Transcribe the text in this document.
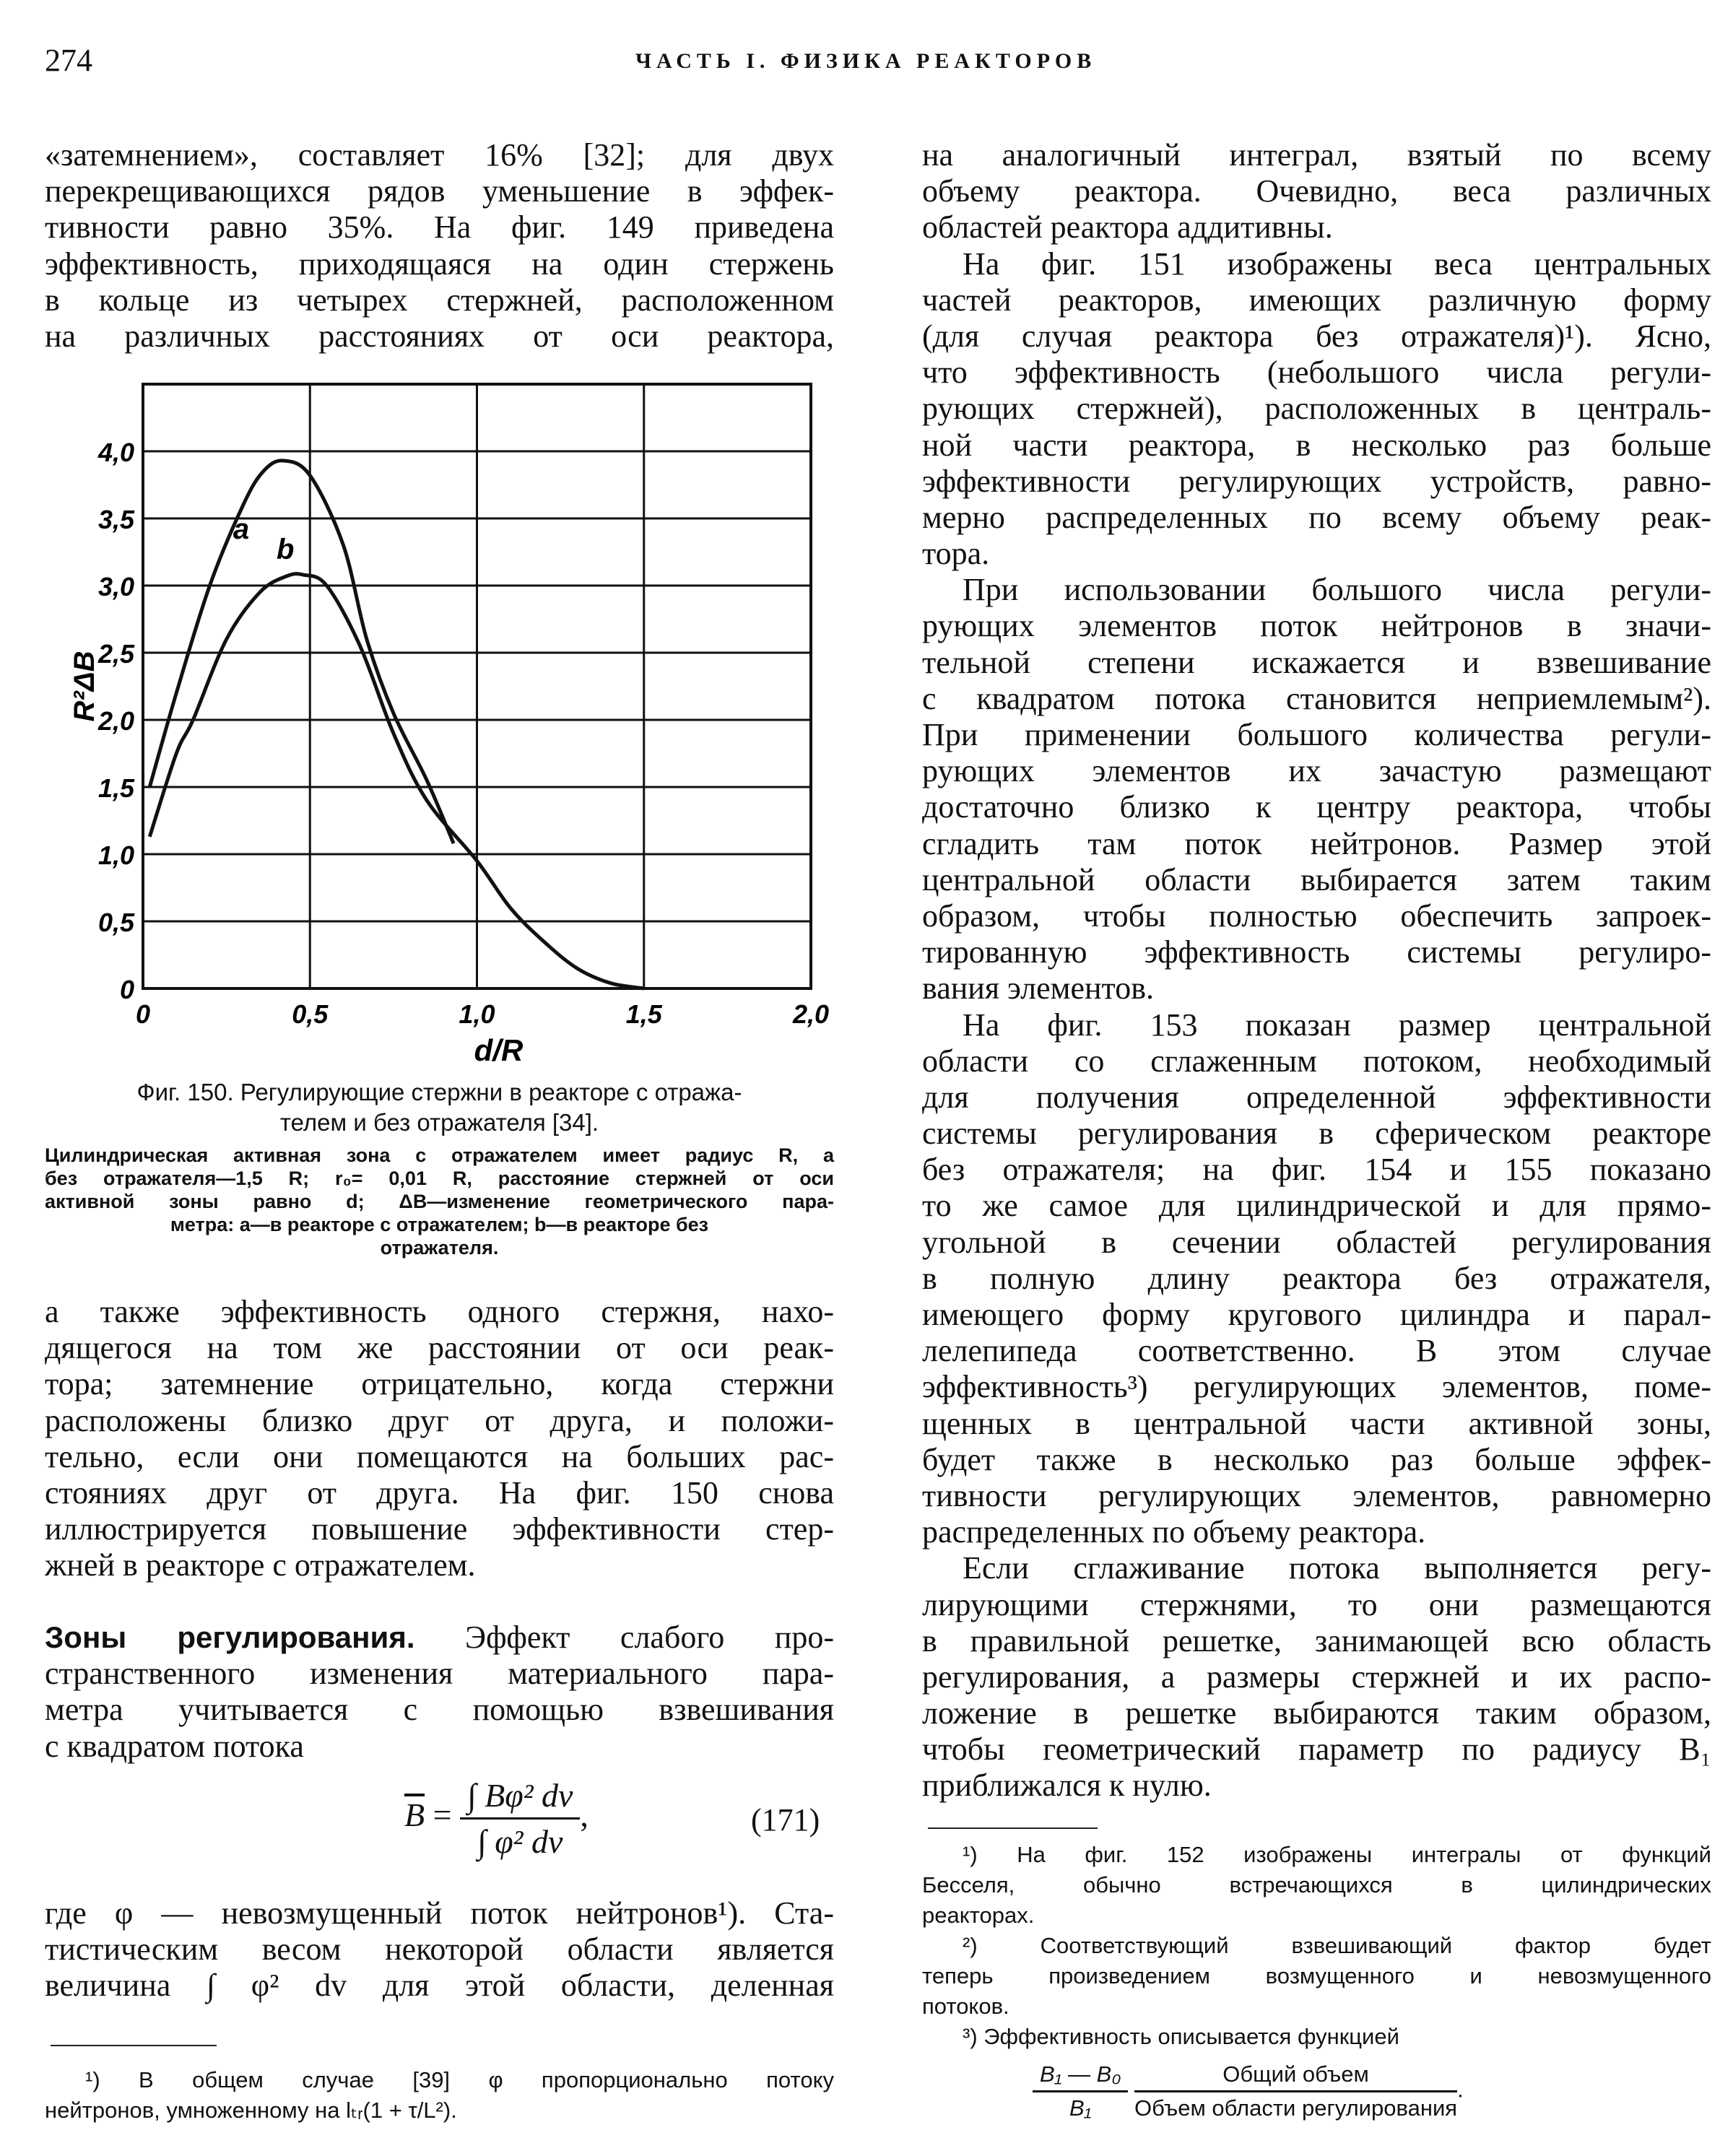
274	ЧАСТЬ I. ФИЗИКА РЕАКТОРОВ
«затемнением», составляет 16% [32]; для двух
перекрещивающихся рядов уменьшение в эффек-
тивности равно 35%. На фиг. 149 приведена
эффективность, приходящаяся на один стержень
в кольце из четырех стержней, расположенном
на различных расстояниях от оси реактора,
0	0,5	1,0	1,5	2,0
0
0,5
1,0
1,5
2,0
2,5
3,0
3,5
4,0
d/R
R²ΔB
a
b
Фиг. 150. Регулирующие стержни в реакторе с отража-
телем и без отражателя [34].
Цилиндрическая активная зона с отражателем имеет радиус R, а
без отражателя—1,5 R; r₀= 0,01 R, расстояние стержней от оси
активной зоны равно d; ΔB—изменение геометрического пара-
метра: a—в реакторе с отражателем; b—в реакторе без
отражателя.
а также эффективность одного стержня, нахо-
дящегося на том же расстоянии от оси реак-
тора; затемнение отрицательно, когда стержни
расположены близко друг от друга, и положи-
тельно, если они помещаются на больших рас-
стояниях друг от друга. На фиг. 150 снова
иллюстрируется повышение эффективности стер-
жней в реакторе с отражателем.
Зоны регулирования. Эффект слабого про-
странственного изменения материального пара-
метра учитывается с помощью взвешивания
с квадратом потока
$\overline{B} = \frac{\text{∫ Bφ² dv}}{\text{∫ φ² dv}}$ ,	(171)
где φ — невозмущенный поток нейтронов¹). Ста-
тистическим весом некоторой области является
величина ∫ φ² dv для этой области, деленная
¹) В общем случае [39] φ пропорционально потоку
нейтронов, умноженному на lₜᵣ(1 + τ/L²).
на аналогичный интеграл, взятый по всему
объему реактора. Очевидно, веса различных
областей реактора аддитивны.
На фиг. 151 изображены веса центральных
частей реакторов, имеющих различную форму
(для случая реактора без отражателя)¹). Ясно,
что эффективность (небольшого числа регули-
рующих стержней), расположенных в централь-
ной части реактора, в несколько раз больше
эффективности регулирующих устройств, равно-
мерно распределенных по всему объему реак-
тора.
При использовании большого числа регули-
рующих элементов поток нейтронов в значи-
тельной степени искажается и взвешивание
с квадратом потока становится неприемлемым²).
При применении большого количества регули-
рующих элементов их зачастую размещают
достаточно близко к центру реактора, чтобы
сгладить там поток нейтронов. Размер этой
центральной области выбирается затем таким
образом, чтобы полностью обеспечить запроек-
тированную эффективность системы регулиро-
вания элементов.
На фиг. 153 показан размер центральной
области со сглаженным потоком, необходимый
для получения определенной эффективности
системы регулирования в сферическом реакторе
без отражателя; на фиг. 154 и 155 показано
то же самое для цилиндрической и для прямо-
угольной в сечении областей регулирования
в полную длину реактора без отражателя,
имеющего форму кругового цилиндра и парал-
лелепипеда соответственно. В этом случае
эффективность³) регулирующих элементов, поме-
щенных в центральной части активной зоны,
будет также в несколько раз больше эффек-
тивности регулирующих элементов, равномерно
распределенных по объему реактора.
Если сглаживание потока выполняется регу-
лирующими стержнями, то они размещаются
в правильной решетке, занимающей всю область
регулирования, а размеры стержней и их распо-
ложение в решетке выбираются таким образом,
чтобы геометрический параметр по радиусу B₁
приближался к нулю.
¹) На фиг. 152 изображены интегралы от функций
Бесселя, обычно встречающихся в цилиндрических
реакторах.
²) Соответствующий взвешивающий фактор будет
теперь произведением возмущенного и невозмущенного
потоков.
³) Эффективность описывается функцией
$\frac{\text{B₁ — B₀}}{\text{B₁}}$
$\frac{\text{Общий объем}}{\text{Объем области регулирования}}$ .
